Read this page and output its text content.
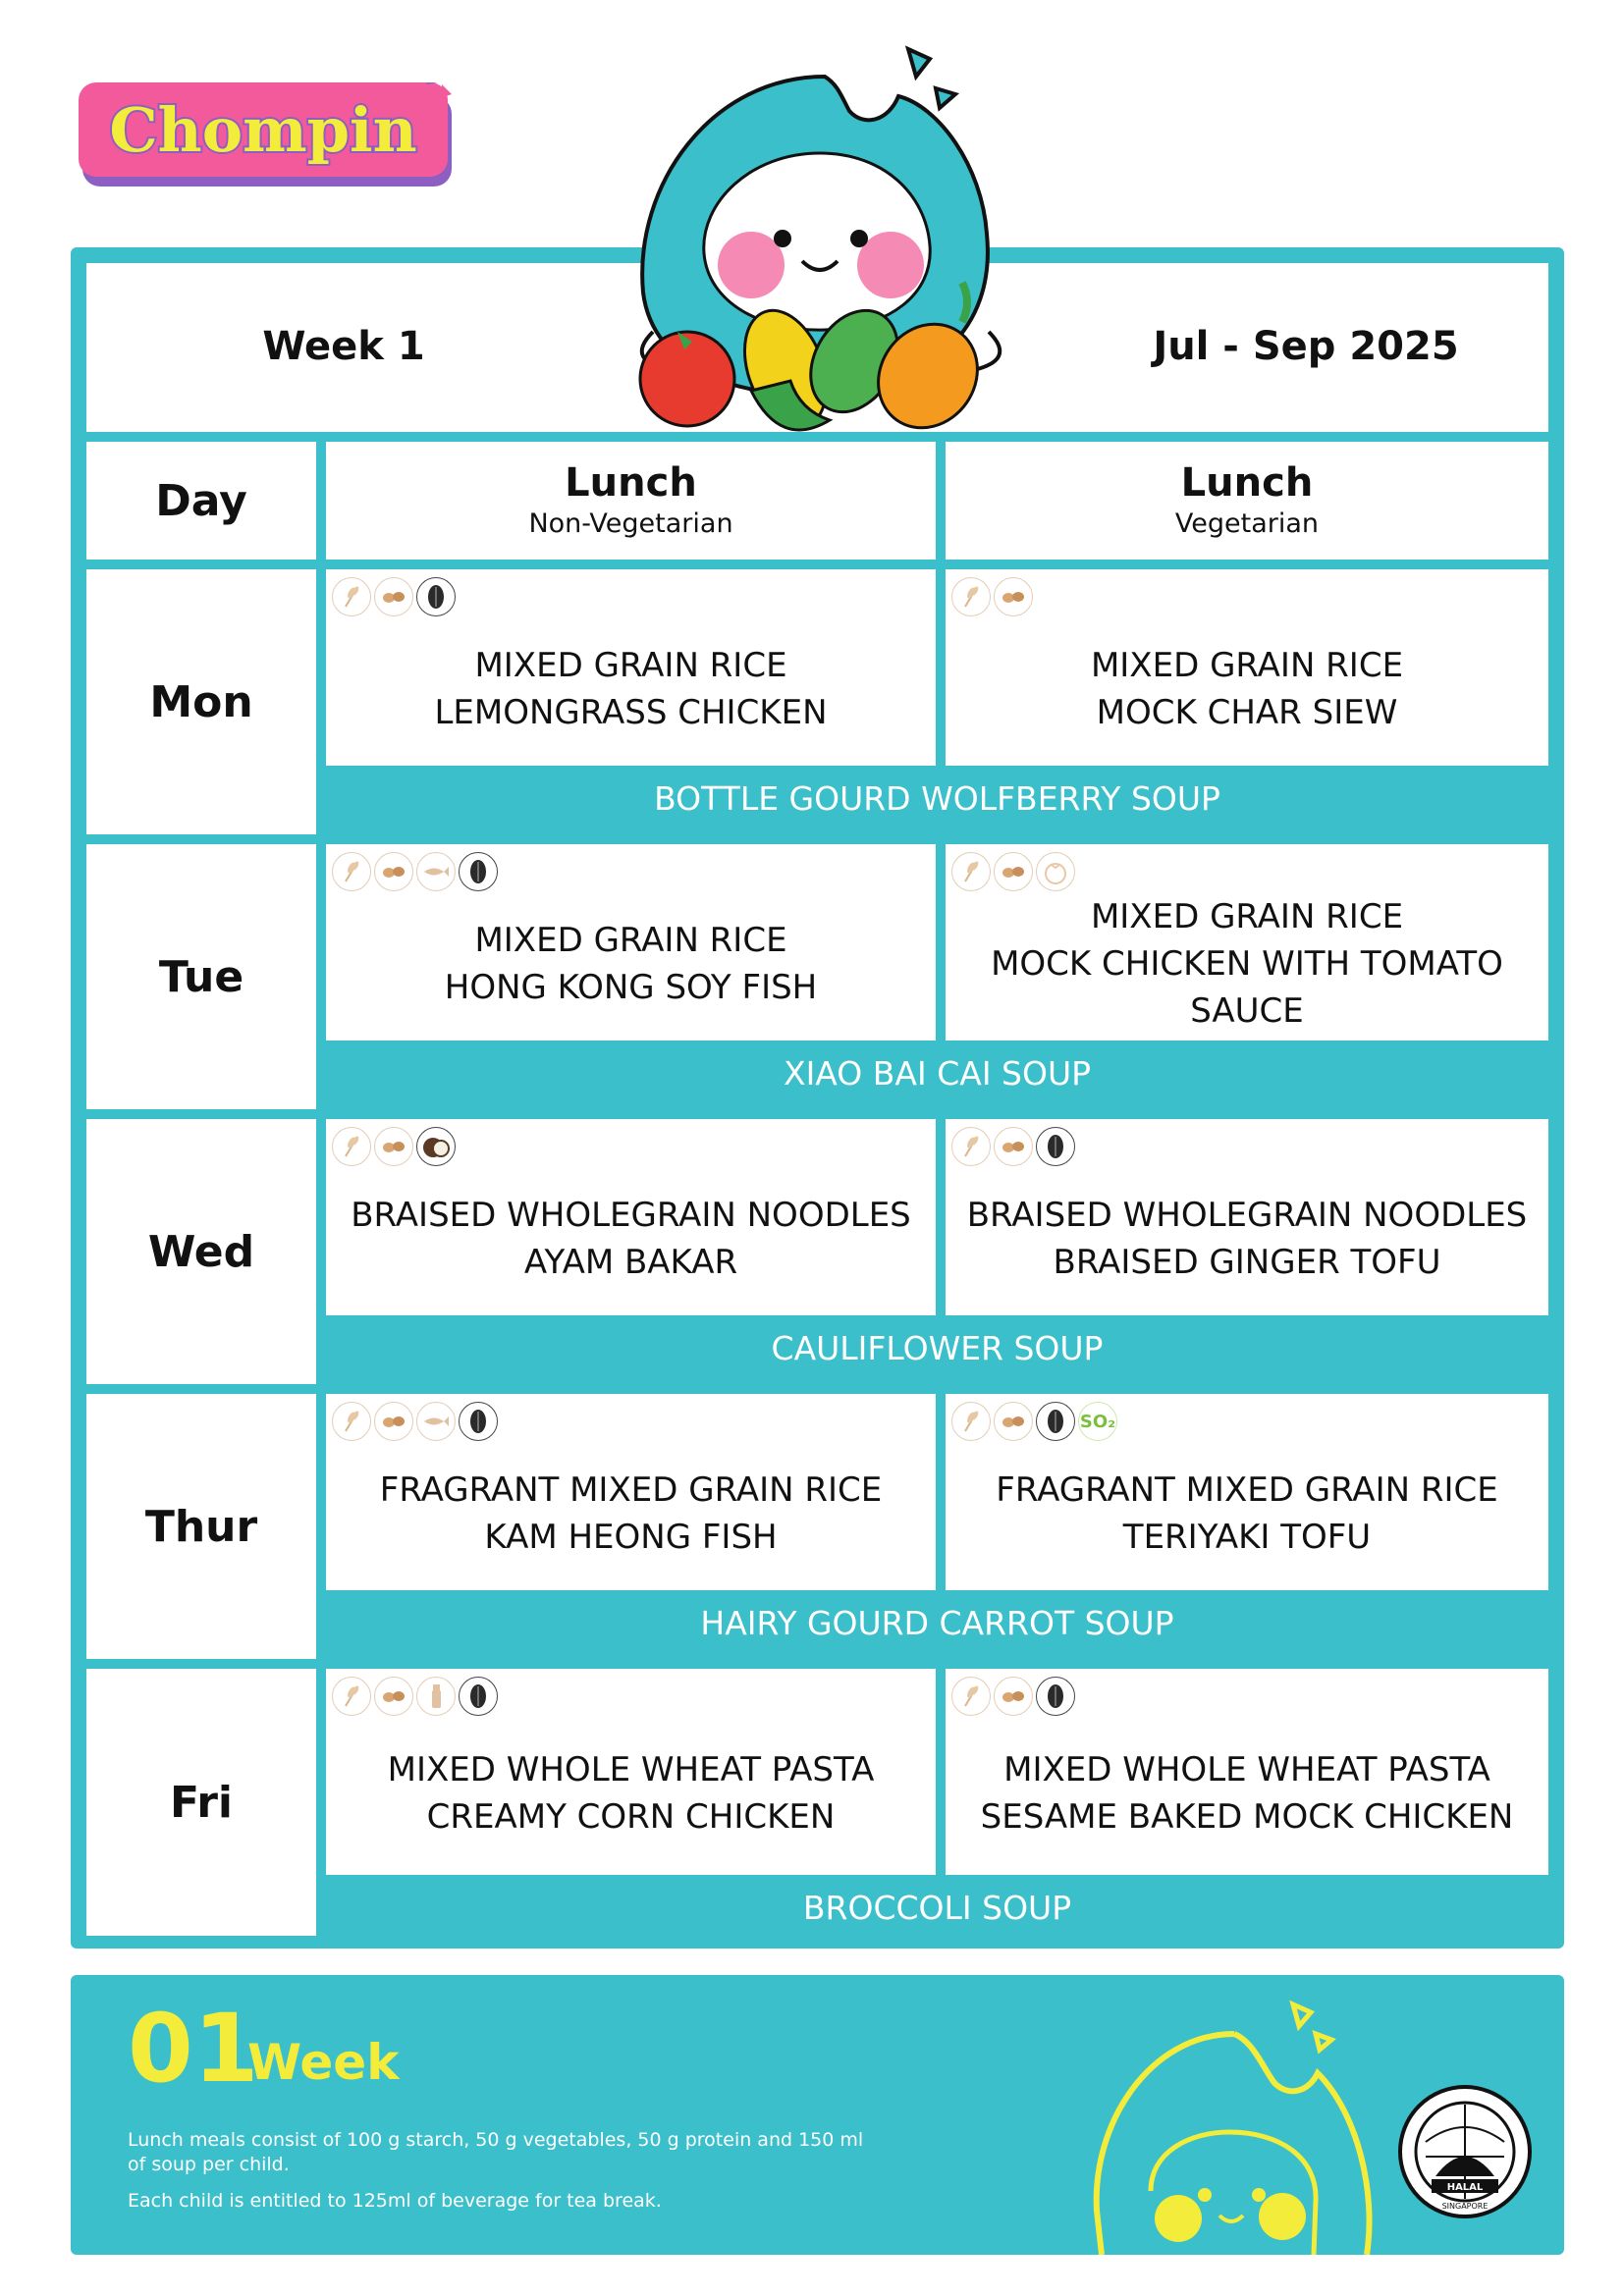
Chompin
Week 1	Jul - Sep 2025
Day	Lunch
Non-Vegetarian
Lunch
Vegetarian
Mon
MIXED GRAIN RICE
LEMONGRASS CHICKEN
MIXED GRAIN RICE
MOCK CHAR SIEW
BOTTLE GOURD WOLFBERRY SOUP
Tue
MIXED GRAIN RICE
HONG KONG SOY FISH
MIXED GRAIN RICE
MOCK CHICKEN WITH TOMATO
SAUCE
XIAO BAI CAI SOUP
Wed
BRAISED WHOLEGRAIN NOODLES
AYAM BAKAR
BRAISED WHOLEGRAIN NOODLES
BRAISED GINGER TOFU
CAULIFLOWER SOUP
Thur
FRAGRANT MIXED GRAIN RICE
KAM HEONG FISH
SO₂
FRAGRANT MIXED GRAIN RICE
TERIYAKI TOFU
HAIRY GOURD CARROT SOUP
Fri
MIXED WHOLE WHEAT PASTA
CREAMY CORN CHICKEN
MIXED WHOLE WHEAT PASTA
SESAME BAKED MOCK CHICKEN
BROCCOLI SOUP
01
Week
Lunch meals consist of 100 g starch, 50 g vegetables, 50 g protein and 150 ml
of soup per child.
Each child is entitled to 125ml of beverage for tea break.
HALAL
SINGAPORE
